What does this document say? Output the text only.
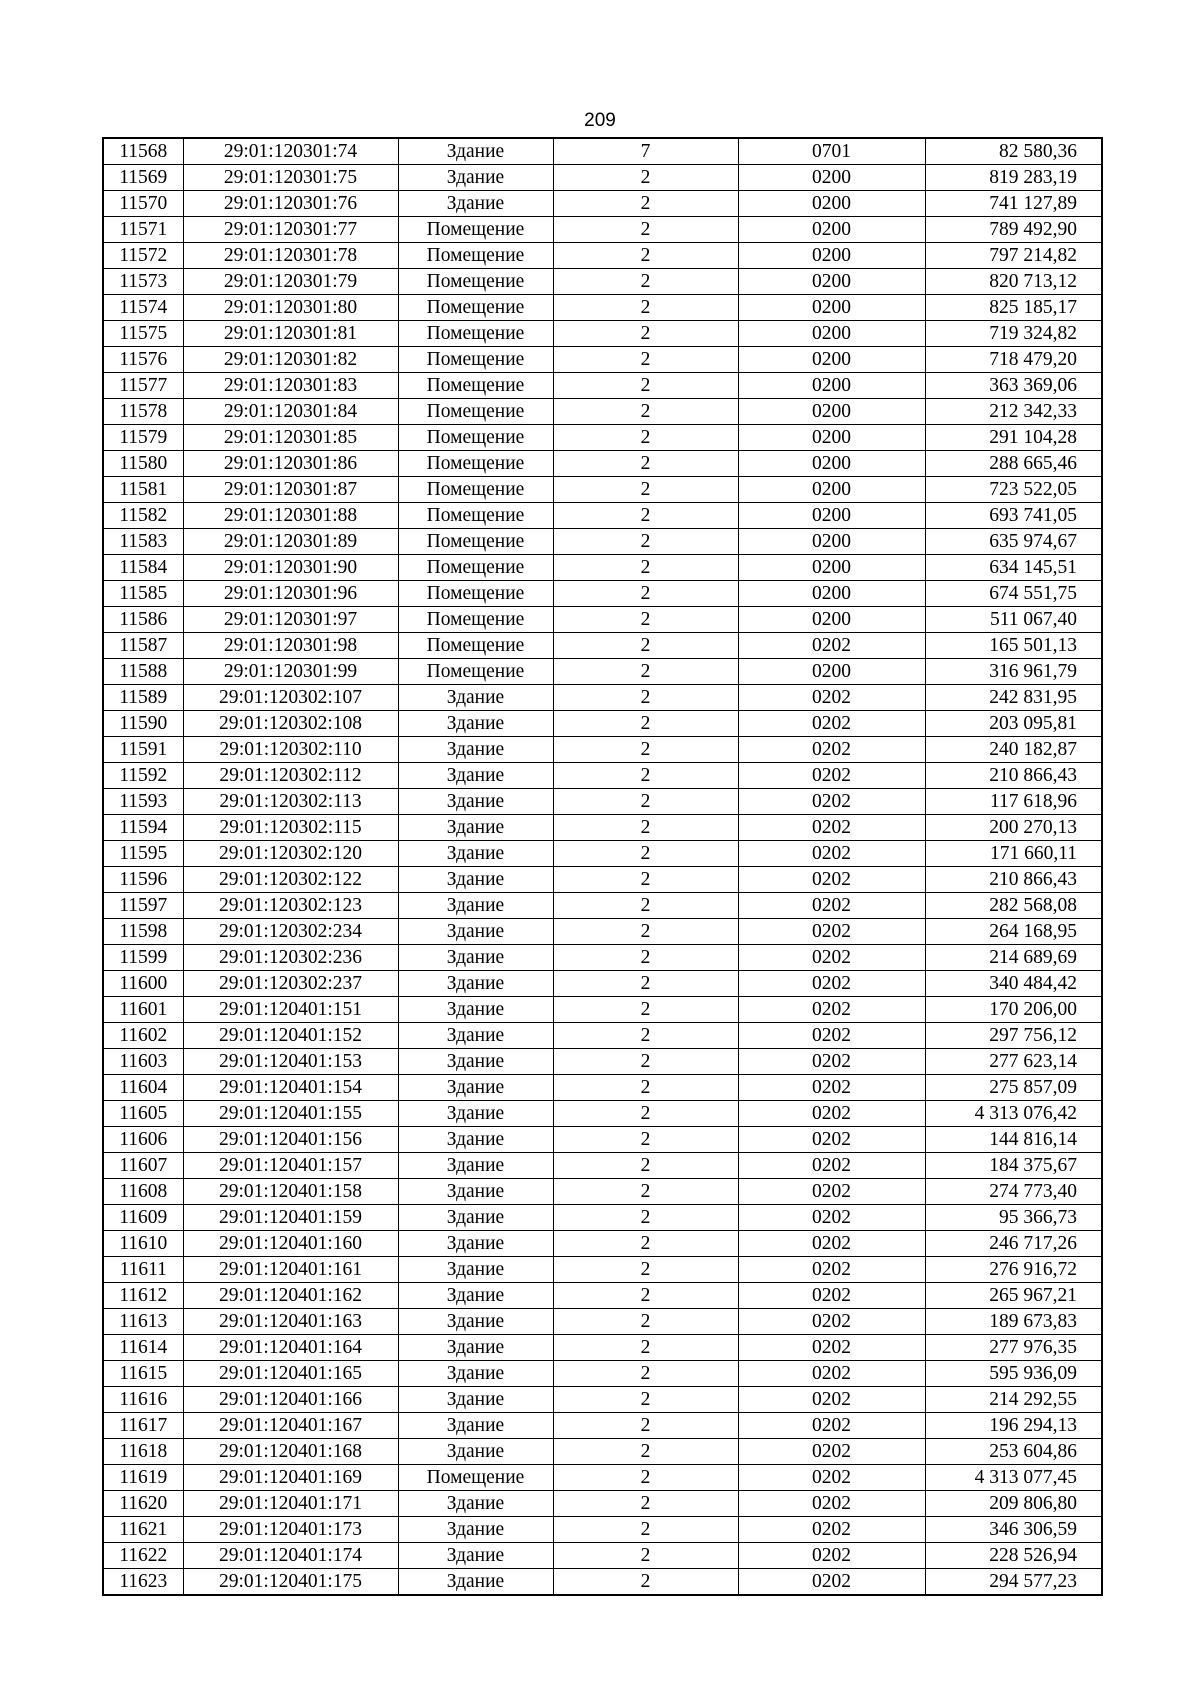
209
11568	29:01:120301:74	Здание	7	0701	82 580,36
11569	29:01:120301:75	Здание	2	0200	819 283,19
11570	29:01:120301:76	Здание	2	0200	741 127,89
11571	29:01:120301:77	Помещение	2	0200	789 492,90
11572	29:01:120301:78	Помещение	2	0200	797 214,82
11573	29:01:120301:79	Помещение	2	0200	820 713,12
11574	29:01:120301:80	Помещение	2	0200	825 185,17
11575	29:01:120301:81	Помещение	2	0200	719 324,82
11576	29:01:120301:82	Помещение	2	0200	718 479,20
11577	29:01:120301:83	Помещение	2	0200	363 369,06
11578	29:01:120301:84	Помещение	2	0200	212 342,33
11579	29:01:120301:85	Помещение	2	0200	291 104,28
11580	29:01:120301:86	Помещение	2	0200	288 665,46
11581	29:01:120301:87	Помещение	2	0200	723 522,05
11582	29:01:120301:88	Помещение	2	0200	693 741,05
11583	29:01:120301:89	Помещение	2	0200	635 974,67
11584	29:01:120301:90	Помещение	2	0200	634 145,51
11585	29:01:120301:96	Помещение	2	0200	674 551,75
11586	29:01:120301:97	Помещение	2	0200	511 067,40
11587	29:01:120301:98	Помещение	2	0202	165 501,13
11588	29:01:120301:99	Помещение	2	0200	316 961,79
11589	29:01:120302:107	Здание	2	0202	242 831,95
11590	29:01:120302:108	Здание	2	0202	203 095,81
11591	29:01:120302:110	Здание	2	0202	240 182,87
11592	29:01:120302:112	Здание	2	0202	210 866,43
11593	29:01:120302:113	Здание	2	0202	117 618,96
11594	29:01:120302:115	Здание	2	0202	200 270,13
11595	29:01:120302:120	Здание	2	0202	171 660,11
11596	29:01:120302:122	Здание	2	0202	210 866,43
11597	29:01:120302:123	Здание	2	0202	282 568,08
11598	29:01:120302:234	Здание	2	0202	264 168,95
11599	29:01:120302:236	Здание	2	0202	214 689,69
11600	29:01:120302:237	Здание	2	0202	340 484,42
11601	29:01:120401:151	Здание	2	0202	170 206,00
11602	29:01:120401:152	Здание	2	0202	297 756,12
11603	29:01:120401:153	Здание	2	0202	277 623,14
11604	29:01:120401:154	Здание	2	0202	275 857,09
11605	29:01:120401:155	Здание	2	0202	4 313 076,42
11606	29:01:120401:156	Здание	2	0202	144 816,14
11607	29:01:120401:157	Здание	2	0202	184 375,67
11608	29:01:120401:158	Здание	2	0202	274 773,40
11609	29:01:120401:159	Здание	2	0202	95 366,73
11610	29:01:120401:160	Здание	2	0202	246 717,26
11611	29:01:120401:161	Здание	2	0202	276 916,72
11612	29:01:120401:162	Здание	2	0202	265 967,21
11613	29:01:120401:163	Здание	2	0202	189 673,83
11614	29:01:120401:164	Здание	2	0202	277 976,35
11615	29:01:120401:165	Здание	2	0202	595 936,09
11616	29:01:120401:166	Здание	2	0202	214 292,55
11617	29:01:120401:167	Здание	2	0202	196 294,13
11618	29:01:120401:168	Здание	2	0202	253 604,86
11619	29:01:120401:169	Помещение	2	0202	4 313 077,45
11620	29:01:120401:171	Здание	2	0202	209 806,80
11621	29:01:120401:173	Здание	2	0202	346 306,59
11622	29:01:120401:174	Здание	2	0202	228 526,94
11623	29:01:120401:175	Здание	2	0202	294 577,23
